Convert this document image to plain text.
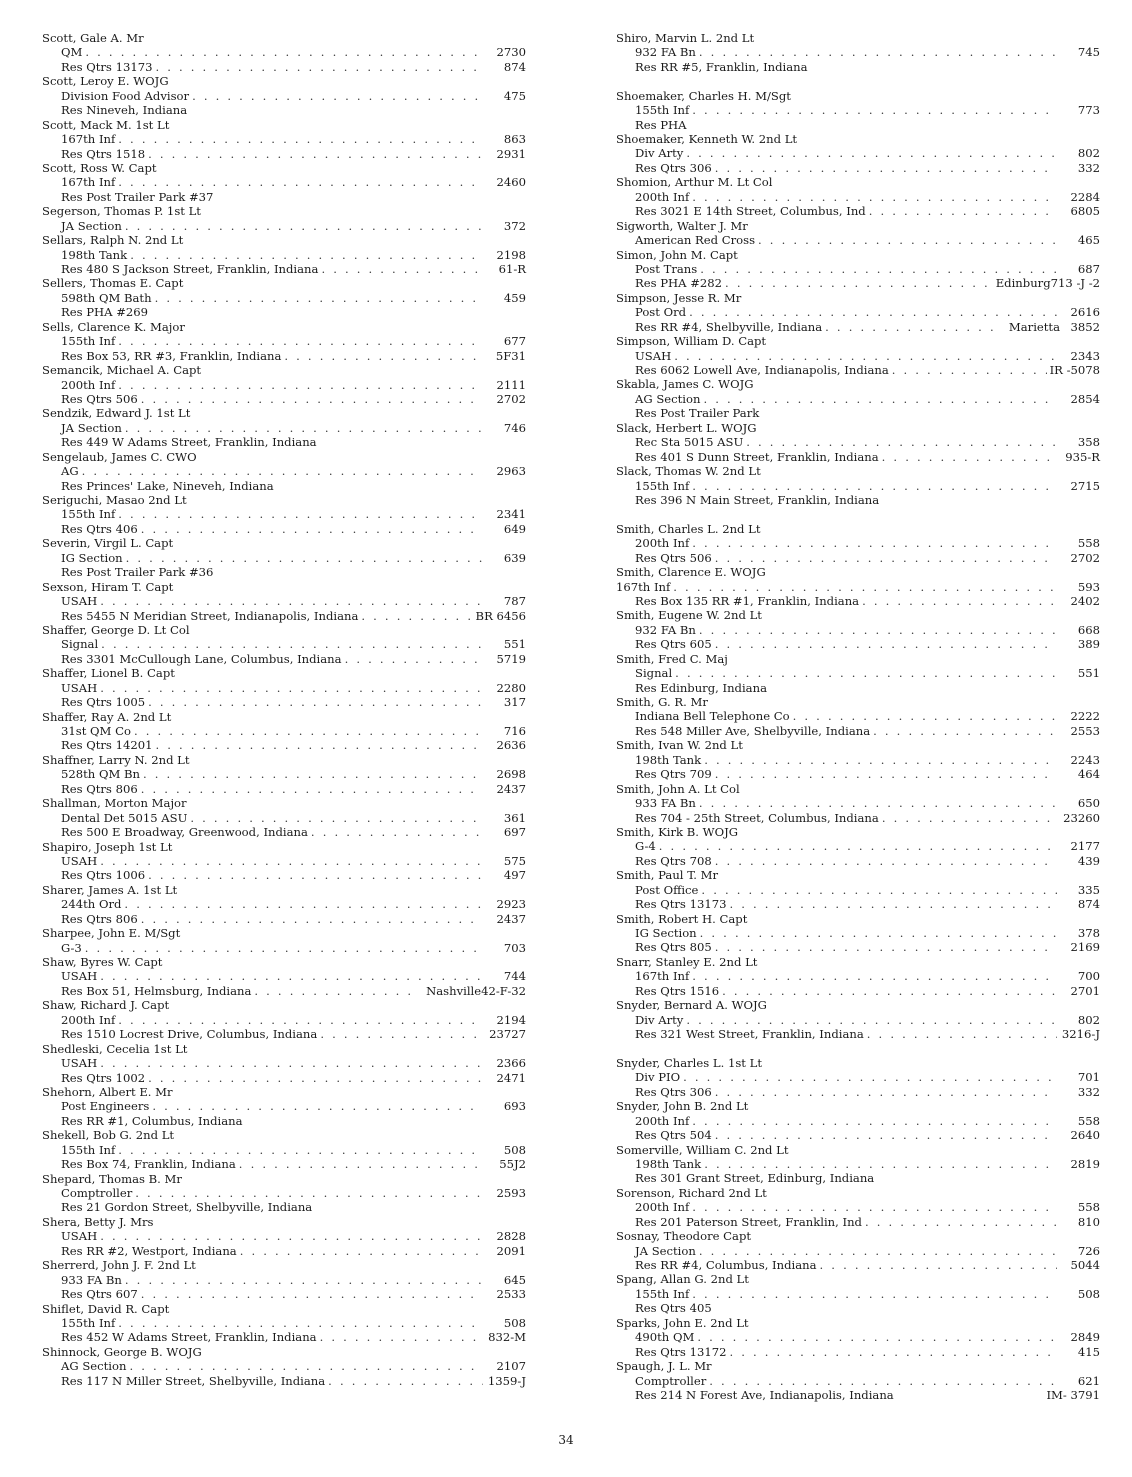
Scott, Gale A. Mr
QM . . .	2730
Res Qtrs 13173 . . .	874
Scott, Leroy E. WOJG
Division Food Advisor . . .	475
Res Nineveh, Indiana
Scott, Mack M. 1st Lt
167th Inf . . .	863
Res Qtrs 1518 . . .	2931
Scott, Ross W. Capt
167th Inf . . .	2460
Res Post Trailer Park #37
Segerson, Thomas P. 1st Lt
JA Section . . .	372
Sellars, Ralph N. 2nd Lt
198th Tank . . .	2198
Res 480 S Jackson Street, Franklin, Indiana . . .	61-R
Sellers, Thomas E. Capt
598th QM Bath . . .	459
Res PHA #269
Sells, Clarence K. Major
155th Inf . . .	677
Res Box 53, RR #3, Franklin, Indiana . . .	5F31
Semancik, Michael A. Capt
200th Inf . . .	2111
Res Qtrs 506 . . .	2702
Sendzik, Edward J. 1st Lt
JA Section . . .	746
Res 449 W Adams Street, Franklin, Indiana
Sengelaub, James C. CWO
AG . . .	2963
Res Princes' Lake, Nineveh, Indiana
Seriguchi, Masao 2nd Lt
155th Inf . . .	2341
Res Qtrs 406 . . .	649
Severin, Virgil L. Capt
IG Section . . .	639
Res Post Trailer Park #36
Sexson, Hiram T. Capt
USAH . . .	787
Res 5455 N Meridian Street, Indianapolis, Indiana . . .	BR 6456
Shaffer, George D. Lt Col
Signal . . .	551
Res 3301 McCullough Lane, Columbus, Indiana . . .	5719
Shaffer, Lionel B. Capt
USAH . . .	2280
Res Qtrs 1005 . . .	317
Shaffer, Ray A. 2nd Lt
31st QM Co . . .	716
Res Qtrs 14201 . . .	2636
Shaffner, Larry N. 2nd Lt
528th QM Bn . . .	2698
Res Qtrs 806 . . .	2437
Shallman, Morton Major
Dental Det 5015 ASU . . .	361
Res 500 E Broadway, Greenwood, Indiana . . .	697
Shapiro, Joseph 1st Lt
USAH . . .	575
Res Qtrs 1006 . . .	497
Sharer, James A. 1st Lt
244th Ord . . .	2923
Res Qtrs 806 . . .	2437
Sharpee, John E. M/Sgt
G-3 . . .	703
Shaw, Byres W. Capt
USAH . . .	744
Res Box 51, Helmsburg, Indiana . . .	Nashville 42-F-32
Shaw, Richard J. Capt
200th Inf . . .	2194
Res 1510 Locrest Drive, Columbus, Indiana . . .	23727
Shedleski, Cecelia 1st Lt
USAH . . .	2366
Res Qtrs 1002 . . .	2471
Shehorn, Albert E. Mr
Post Engineers . . .	693
Res RR #1, Columbus, Indiana
Shekell, Bob G. 2nd Lt
155th Inf . . .	508
Res Box 74, Franklin, Indiana . . .	55J2
Shepard, Thomas B. Mr
Comptroller . . .	2593
Res 21 Gordon Street, Shelbyville, Indiana
Shera, Betty J. Mrs
USAH . . .	2828
Res RR #2, Westport, Indiana . . .	2091
Sherrerd, John J. F. 2nd Lt
933 FA Bn . . .	645
Res Qtrs 607 . . .	2533
Shiflet, David R. Capt
155th Inf . . .	508
Res 452 W Adams Street, Franklin, Indiana . . .	832-M
Shinnock, George B. WOJG
AG Section . . .	2107
Res 117 N Miller Street, Shelbyville, Indiana . . .	1359-J
Shiro, Marvin L. 2nd Lt
932 FA Bn . . .	745
Res RR #5, Franklin, Indiana
Shoemaker, Charles H. M/Sgt
155th Inf . . .	773
Res PHA
Shoemaker, Kenneth W. 2nd Lt
Div Arty . . .	802
Res Qtrs 306 . . .	332
Shomion, Arthur M. Lt Col
200th Inf . . .	2284
Res 3021 E 14th Street, Columbus, Ind . . .	6805
Sigworth, Walter J. Mr
American Red Cross . . .	465
Simon, John M. Capt
Post Trans . . .	687
Res PHA #282 . . .	Edinburg 713 -J -2
Simpson, Jesse R. Mr
Post Ord . . .	2616
Res RR #4, Shelbyville, Indiana . . .	Marietta 3852
Simpson, William D. Capt
USAH . . .	2343
Res 6062 Lowell Ave, Indianapolis, Indiana . . .	IR -5078
Skabla, James C. WOJG
AG Section . . .	2854
Res Post Trailer Park
Slack, Herbert L. WOJG
Rec Sta 5015 ASU . . .	358
Res 401 S Dunn Street, Franklin, Indiana . . .	935-R
Slack, Thomas W. 2nd Lt
155th Inf . . .	2715
Res 396 N Main Street, Franklin, Indiana
Smith, Charles L. 2nd Lt
200th Inf . . .	558
Res Qtrs 506 . . .	2702
Smith, Clarence E. WOJG
167th Inf . . .	593
Res Box 135 RR #1, Franklin, Indiana . . .	2402
Smith, Eugene W. 2nd Lt
932 FA Bn . . .	668
Res Qtrs 605 . . .	389
Smith, Fred C. Maj
Signal . . .	551
Res Edinburg, Indiana
Smith, G. R. Mr
Indiana Bell Telephone Co . . .	2222
Res 548 Miller Ave, Shelbyville, Indiana . . .	2553
Smith, Ivan W. 2nd Lt
198th Tank . . .	2243
Res Qtrs 709 . . .	464
Smith, John A. Lt Col
933 FA Bn . . .	650
Res 704 - 25th Street, Columbus, Indiana . . .	23260
Smith, Kirk B. WOJG
G-4 . . .	2177
Res Qtrs 708 . . .	439
Smith, Paul T. Mr
Post Office . . .	335
Res Qtrs 13173 . . .	874
Smith, Robert H. Capt
IG Section . . .	378
Res Qtrs 805 . . .	2169
Snarr, Stanley E. 2nd Lt
167th Inf . . .	700
Res Qtrs 1516 . . .	2701
Snyder, Bernard A. WOJG
Div Arty . . .	802
Res 321 West Street, Franklin, Indiana . . .	3216-J
Snyder, Charles L. 1st Lt
Div PIO . . .	701
Res Qtrs 306 . . .	332
Snyder, John B. 2nd Lt
200th Inf . . .	558
Res Qtrs 504 . . .	2640
Somerville, William C. 2nd Lt
198th Tank . . .	2819
Res 301 Grant Street, Edinburg, Indiana
Sorenson, Richard 2nd Lt
200th Inf . . .	558
Res 201 Paterson Street, Franklin, Ind . . .	810
Sosnay, Theodore Capt
JA Section . . .	726
Res RR #4, Columbus, Indiana . . .	5044
Spang, Allan G. 2nd Lt
155th Inf . . .	508
Res Qtrs 405
Sparks, John E. 2nd Lt
490th QM . . .	2849
Res Qtrs 13172 . . .	415
Spaugh, J. L. Mr
Comptroller . . .	621
Res 214 N Forest Ave, Indianapolis, Indiana	IM- 3791
34
